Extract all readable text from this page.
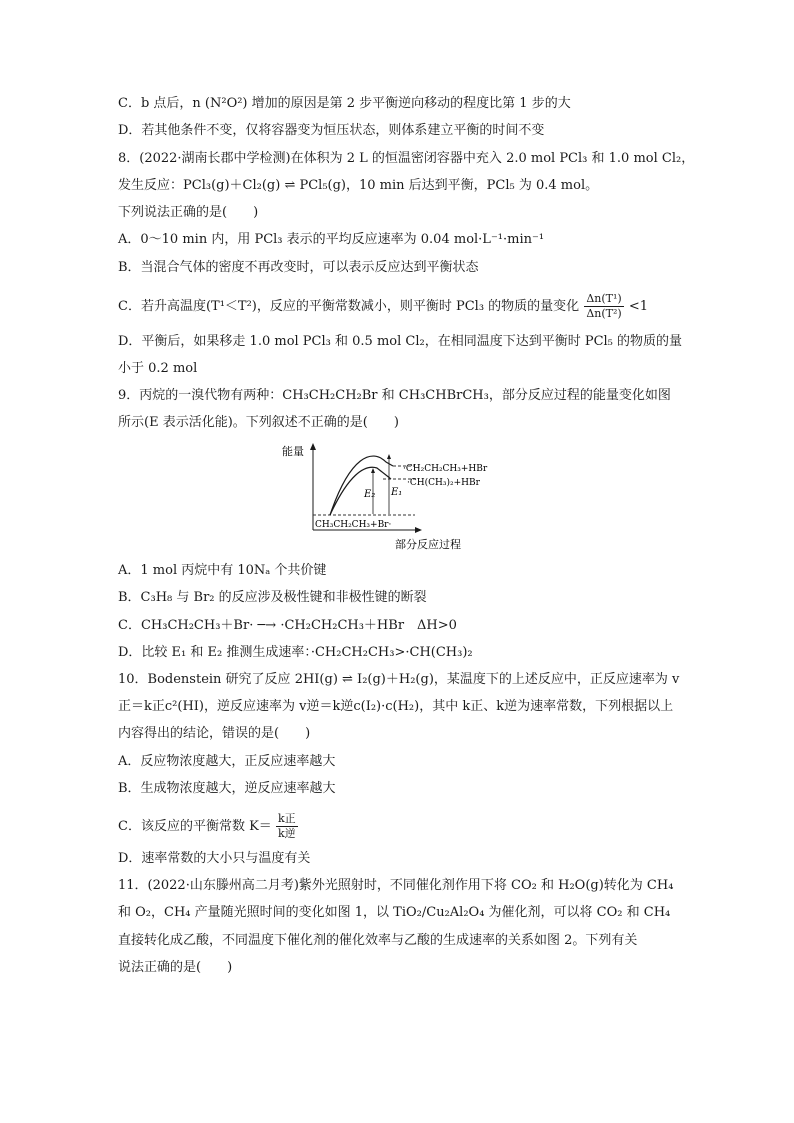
C．b 点后，n (N²O²) 增加的原因是第 2 步平衡逆向移动的程度比第 1 步的大
D．若其他条件不变，仅将容器变为恒压状态，则体系建立平衡的时间不变
8．(2022·湖南长郡中学检测)在体积为 2 L 的恒温密闭容器中充入 2.0 mol PCl₃ 和 1.0 mol Cl₂，
发生反应：PCl₃(g)＋Cl₂(g) ⇌ PCl₅(g)，10 min 后达到平衡，PCl₅ 为 0.4 mol。
下列说法正确的是(　　)
A．0～10 min 内，用 PCl₃ 表示的平均反应速率为 0.04 mol·L⁻¹·min⁻¹
B．当混合气体的密度不再改变时，可以表示反应达到平衡状态
C．若升高温度(T¹＜T²)，反应的平衡常数减小，则平衡时 PCl₃ 的物质的量变化 $\frac{\text{Δn(T¹)}}{\text{Δn(T²)}} <1$
D．平衡后，如果移走 1.0 mol PCl₃ 和 0.5 mol Cl₂，在相同温度下达到平衡时 PCl₅ 的物质的量
小于 0.2 mol
9．丙烷的一溴代物有两种：CH₃CH₂CH₂Br 和 CH₃CHBrCH₃，部分反应过程的能量变化如图
所示(E 表示活化能)。下列叙述不正确的是(　　)
能量
部分反应过程
CH₃CH₂CH₃+Br·
·CH₂CH₂CH₃+HBr
·CH(CH₃)₂+HBr
E₂ E₁
A．1 mol 丙烷中有 10Nₐ 个共价键
B．C₃H₈ 与 Br₂ 的反应涉及极性键和非极性键的断裂
C．CH₃CH₂CH₃＋Br· ─→ ·CH₂CH₂CH₃＋HBr　ΔH>0
D．比较 E₁ 和 E₂ 推测生成速率：·CH₂CH₂CH₃>·CH(CH₃)₂
10．Bodenstein 研究了反应 2HI(g) ⇌ I₂(g)＋H₂(g)，某温度下的上述反应中，正反应速率为 v
正＝k正c²(HI)，逆反应速率为 v逆＝k逆c(I₂)·c(H₂)，其中 k正、k逆为速率常数，下列根据以上
内容得出的结论，错误的是(　　)
A．反应物浓度越大，正反应速率越大
B．生成物浓度越大，逆反应速率越大
C．该反应的平衡常数 K＝
k正
k逆
D．速率常数的大小只与温度有关
11．(2022·山东滕州高二月考)紫外光照射时，不同催化剂作用下将 CO₂ 和 H₂O(g)转化为 CH₄
和 O₂，CH₄ 产量随光照时间的变化如图 1，以 TiO₂/Cu₂Al₂O₄ 为催化剂，可以将 CO₂ 和 CH₄
直接转化成乙酸，不同温度下催化剂的催化效率与乙酸的生成速率的关系如图 2。下列有关
说法正确的是(　　)
